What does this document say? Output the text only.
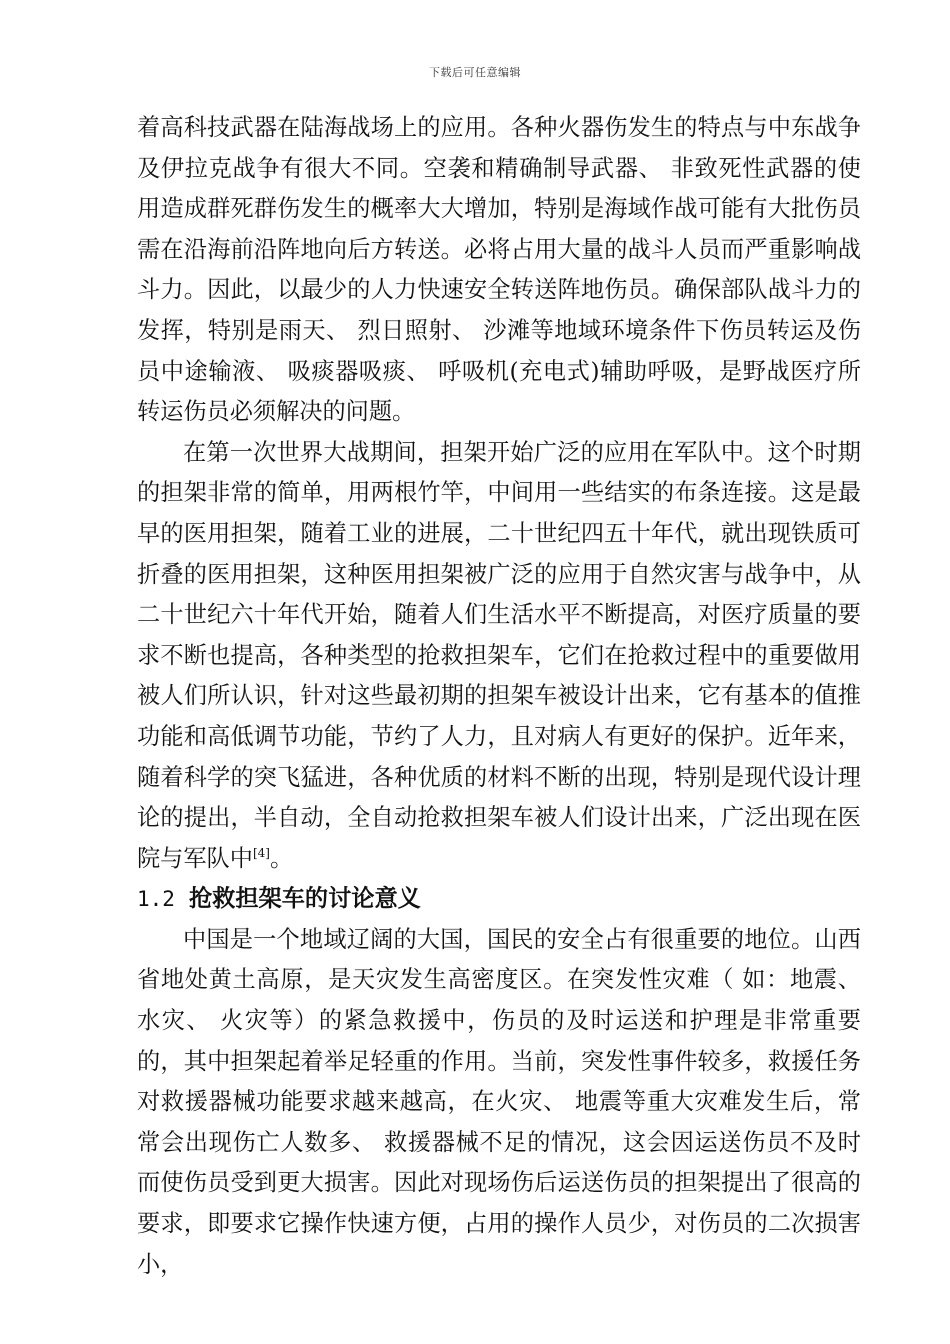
下载后可任意编辑

着高科技武器在陆海战场上的应用。各种火器伤发生的特点与中东战争及伊拉克战争有很大不同。空袭和精确制导武器、 非致死性武器的使用造成群死群伤发生的概率大大增加，特别是海域作战可能有大批伤员需在沿海前沿阵地向后方转送。必将占用大量的战斗人员而严重影响战斗力。因此，以最少的人力快速安全转送阵地伤员。确保部队战斗力的发挥，特别是雨天、 烈日照射、 沙滩等地域环境条件下伤员转运及伤员中途输液、 吸痰器吸痰、 呼吸机(充电式)辅助呼吸，是野战医疗所转运伤员必须解决的问题。

在第一次世界大战期间，担架开始广泛的应用在军队中。这个时期的担架非常的简单，用两根竹竿，中间用一些结实的布条连接。这是最早的医用担架，随着工业的进展，二十世纪四五十年代，就出现铁质可折叠的医用担架，这种医用担架被广泛的应用于自然灾害与战争中，从二十世纪六十年代开始，随着人们生活水平不断提高，对医疗质量的要求不断也提高，各种类型的抢救担架车，它们在抢救过程中的重要做用被人们所认识，针对这些最初期的担架车被设计出来，它有基本的值推功能和高低调节功能，节约了人力，且对病人有更好的保护。近年来，随着科学的突飞猛进，各种优质的材料不断的出现，特别是现代设计理论的提出，半自动，全自动抢救担架车被人们设计出来，广泛出现在医院与军队中[4]。

1.2 抢救担架车的讨论意义

中国是一个地域辽阔的大国，国民的安全占有很重要的地位。山西省地处黄土高原，是天灾发生高密度区。在突发性灾难（ 如：地震、 水灾、 火灾等）的紧急救援中，伤员的及时运送和护理是非常重要的，其中担架起着举足轻重的作用。当前，突发性事件较多，救援任务对救援器械功能要求越来越高，在火灾、 地震等重大灾难发生后，常常会出现伤亡人数多、 救援器械不足的情况，这会因运送伤员不及时而使伤员受到更大损害。因此对现场伤后运送伤员的担架提出了很高的要求，即要求它操作快速方便，占用的操作人员少，对伤员的二次损害小，
